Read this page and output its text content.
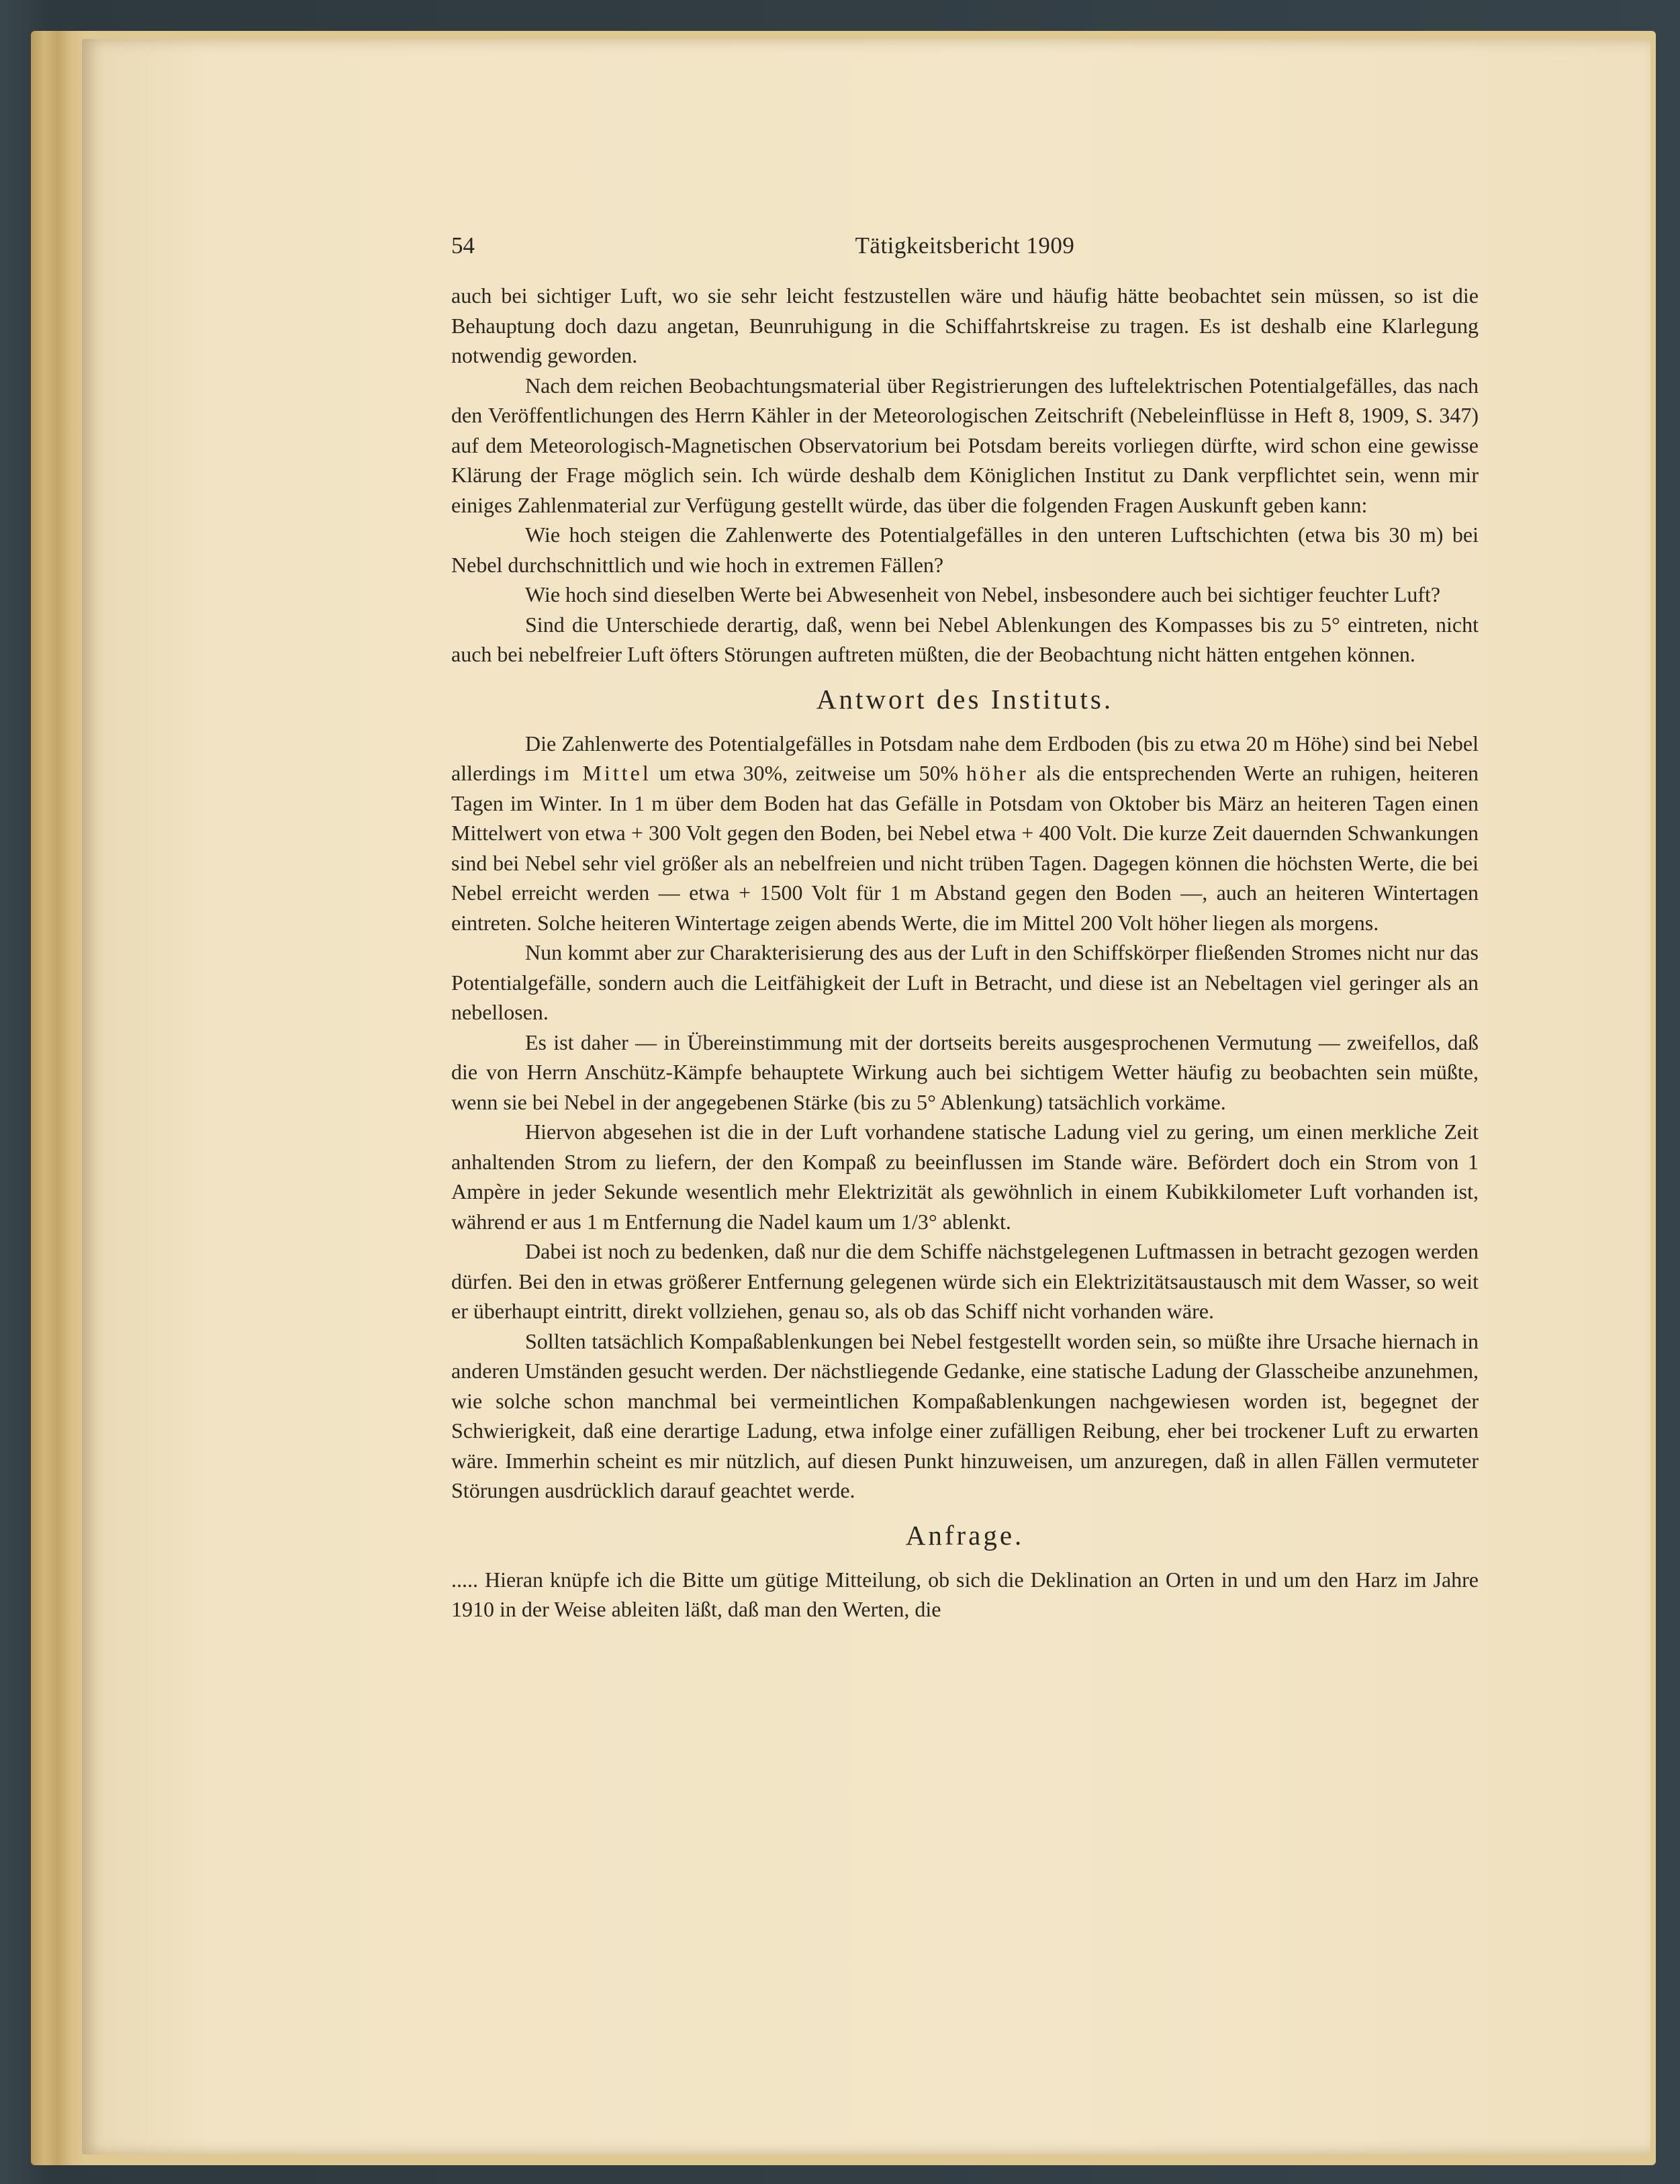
54	Tätigkeitsbericht 1909

auch bei sichtiger Luft, wo sie sehr leicht festzustellen wäre und häufig hätte beobachtet sein müssen, so ist die Behauptung doch dazu angetan, Beunruhigung in die Schiffahrtskreise zu tragen. Es ist deshalb eine Klarlegung notwendig geworden.

Nach dem reichen Beobachtungsmaterial über Registrierungen des luftelektrischen Potentialgefälles, das nach den Veröffentlichungen des Herrn Kähler in der Meteorologischen Zeitschrift (Nebeleinflüsse in Heft 8, 1909, S. 347) auf dem Meteorologisch-Magnetischen Observatorium bei Potsdam bereits vorliegen dürfte, wird schon eine gewisse Klärung der Frage möglich sein. Ich würde deshalb dem Königlichen Institut zu Dank verpflichtet sein, wenn mir einiges Zahlenmaterial zur Verfügung gestellt würde, das über die folgenden Fragen Auskunft geben kann:

Wie hoch steigen die Zahlenwerte des Potentialgefälles in den unteren Luftschichten (etwa bis 30 m) bei Nebel durchschnittlich und wie hoch in extremen Fällen?

Wie hoch sind dieselben Werte bei Abwesenheit von Nebel, insbesondere auch bei sichtiger feuchter Luft?

Sind die Unterschiede derartig, daß, wenn bei Nebel Ablenkungen des Kompasses bis zu 5° eintreten, nicht auch bei nebelfreier Luft öfters Störungen auftreten müßten, die der Beobachtung nicht hätten entgehen können.

Antwort des Instituts.

Die Zahlenwerte des Potentialgefälles in Potsdam nahe dem Erdboden (bis zu etwa 20 m Höhe) sind bei Nebel allerdings im Mittel um etwa 30%, zeitweise um 50% höher als die entsprechenden Werte an ruhigen, heiteren Tagen im Winter. In 1 m über dem Boden hat das Gefälle in Potsdam von Oktober bis März an heiteren Tagen einen Mittelwert von etwa + 300 Volt gegen den Boden, bei Nebel etwa + 400 Volt. Die kurze Zeit dauernden Schwankungen sind bei Nebel sehr viel größer als an nebelfreien und nicht trüben Tagen. Dagegen können die höchsten Werte, die bei Nebel erreicht werden — etwa + 1500 Volt für 1 m Abstand gegen den Boden —, auch an heiteren Wintertagen eintreten. Solche heiteren Wintertage zeigen abends Werte, die im Mittel 200 Volt höher liegen als morgens.

Nun kommt aber zur Charakterisierung des aus der Luft in den Schiffskörper fließenden Stromes nicht nur das Potentialgefälle, sondern auch die Leitfähigkeit der Luft in Betracht, und diese ist an Nebeltagen viel geringer als an nebellosen.

Es ist daher — in Übereinstimmung mit der dortseits bereits ausgesprochenen Vermutung — zweifellos, daß die von Herrn Anschütz-Kämpfe behauptete Wirkung auch bei sichtigem Wetter häufig zu beobachten sein müßte, wenn sie bei Nebel in der angegebenen Stärke (bis zu 5° Ablenkung) tatsächlich vorkäme.

Hiervon abgesehen ist die in der Luft vorhandene statische Ladung viel zu gering, um einen merkliche Zeit anhaltenden Strom zu liefern, der den Kompaß zu beeinflussen im Stande wäre. Befördert doch ein Strom von 1 Ampère in jeder Sekunde wesentlich mehr Elektrizität als gewöhnlich in einem Kubikkilometer Luft vorhanden ist, während er aus 1 m Entfernung die Nadel kaum um 1/3° ablenkt.

Dabei ist noch zu bedenken, daß nur die dem Schiffe nächstgelegenen Luftmassen in betracht gezogen werden dürfen. Bei den in etwas größerer Entfernung gelegenen würde sich ein Elektrizitätsaustausch mit dem Wasser, so weit er überhaupt eintritt, direkt vollziehen, genau so, als ob das Schiff nicht vorhanden wäre.

Sollten tatsächlich Kompaßablenkungen bei Nebel festgestellt worden sein, so müßte ihre Ursache hiernach in anderen Umständen gesucht werden. Der nächstliegende Gedanke, eine statische Ladung der Glasscheibe anzunehmen, wie solche schon manchmal bei vermeintlichen Kompaßablenkungen nachgewiesen worden ist, begegnet der Schwierigkeit, daß eine derartige Ladung, etwa infolge einer zufälligen Reibung, eher bei trockener Luft zu erwarten wäre. Immerhin scheint es mir nützlich, auf diesen Punkt hinzuweisen, um anzuregen, daß in allen Fällen vermuteter Störungen ausdrücklich darauf geachtet werde.

Anfrage.

..... Hieran knüpfe ich die Bitte um gütige Mitteilung, ob sich die Deklination an Orten in und um den Harz im Jahre 1910 in der Weise ableiten läßt, daß man den Werten, die
